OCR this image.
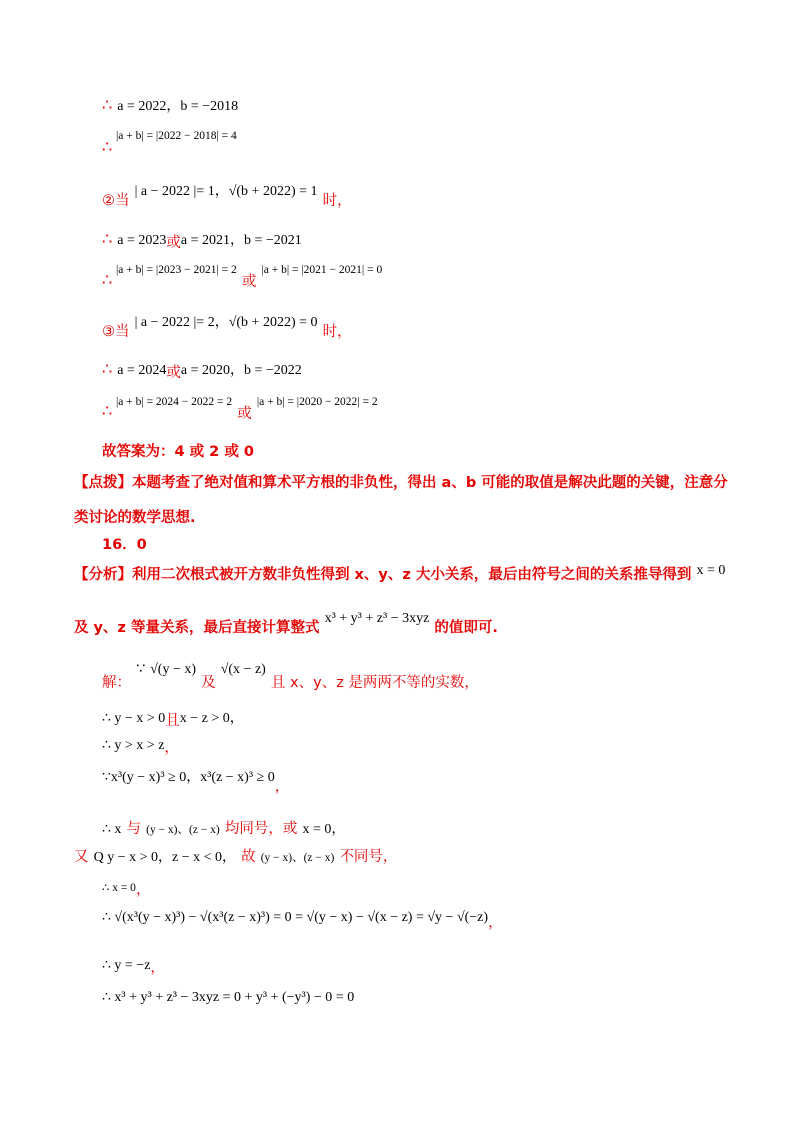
∴ a = 2022，b = −2018
|a + b| = |2022 − 2018| = 4
∴
②当 | a − 2022 |= 1，√(b + 2022) = 1 时，
∴ a = 2023或a = 2021，b = −2021
|a + b| = |2023 − 2021| = 2 或 |a + b| = |2021 − 2021| = 0
∴
③当 | a − 2022 |= 2，√(b + 2022) = 0 时，
∴ a = 2024或a = 2020，b = −2022
|a + b| = 2024 − 2022 = 2 或 |a + b| = |2020 − 2022| = 2
∴
故答案为：4 或 2 或 0
【点拨】本题考查了绝对值和算术平方根的非负性，得出 a、b 可能的取值是解决此题的关键，注意分
类讨论的数学思想.
16．0
【分析】利用二次根式被开方数非负性得到 x、y、z 大小关系，最后由符号之间的关系推导得到 x = 0
及 y、z 等量关系，最后直接计算整式 x³ + y³ + z³ − 3xyz 的值即可.
解： ∵ √(y − x) 及 √(x − z) 且 x、y、z 是两两不等的实数，
∴ y − x > 0且x − z > 0，
∴ y > x > z，
∵x³(y − x)³ ≥ 0，x³(z − x)³ ≥ 0，
∴ x 与 (y − x)、(z − x) 均同号，或 x = 0，
又 Q y − x > 0，z − x < 0， 故 (y − x)、(z − x) 不同号，
∴ x = 0，
∴ √(x³(y − x)³) − √(x³(z − x)³) = 0 = √(y − x) − √(x − z) = √y − √(−z)，
∴ y = −z，
∴ x³ + y³ + z³ − 3xyz = 0 + y³ + (−y³) − 0 = 0
